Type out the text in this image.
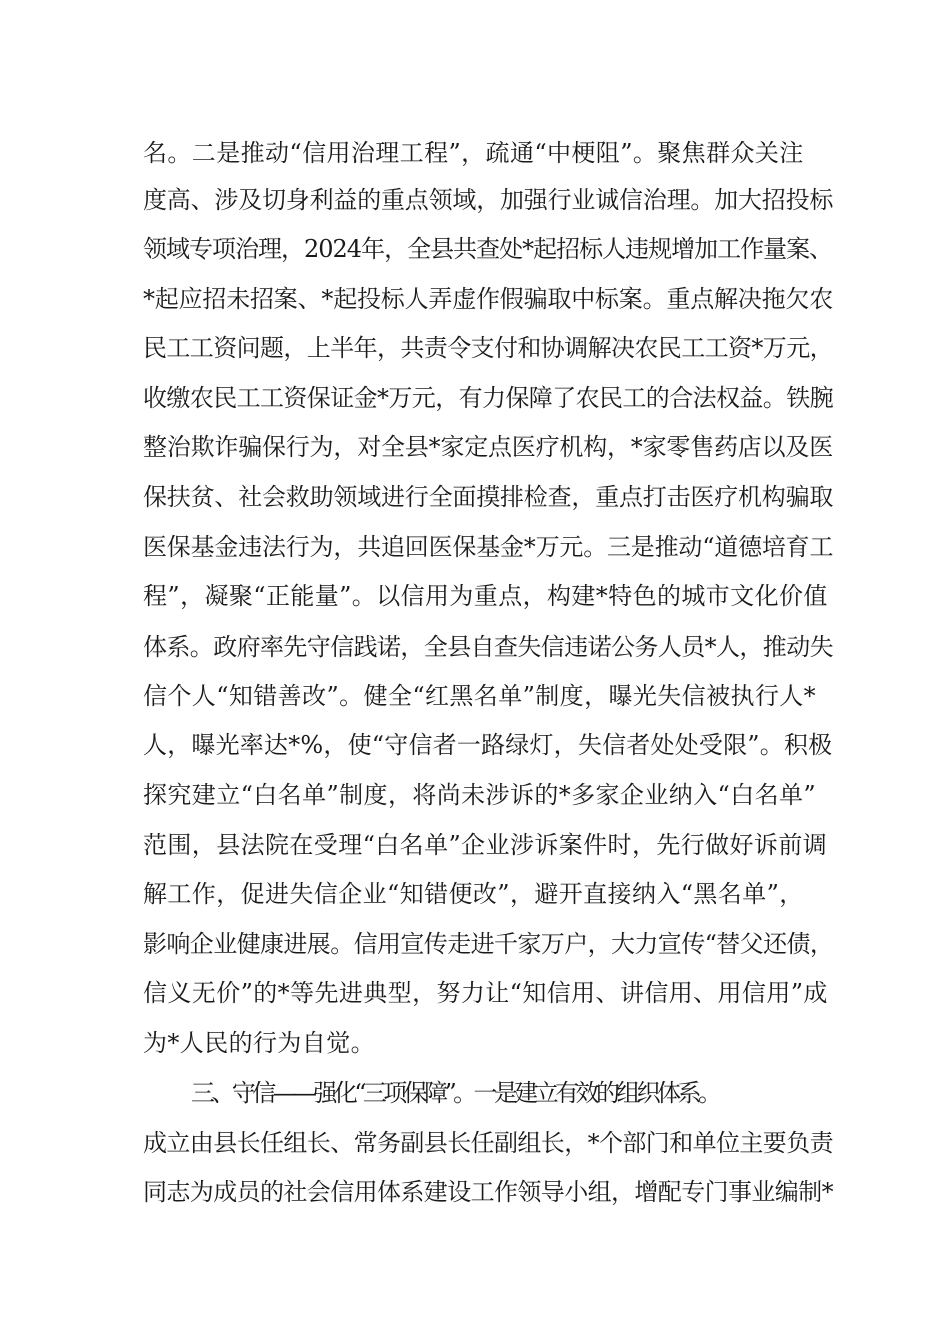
名。二是推动“信用治理工程”，疏通“中梗阻”。聚焦群众关注
度高、涉及切身利益的重点领域，加强行业诚信治理。加大招投标
领域专项治理，2024年，全县共查处*起招标人违规增加工作量案、
*起应招未招案、*起投标人弄虚作假骗取中标案。重点解决拖欠农
民工工资问题，上半年，共责令支付和协调解决农民工工资*万元，
收缴农民工工资保证金*万元，有力保障了农民工的合法权益。铁腕
整治欺诈骗保行为，对全县*家定点医疗机构，*家零售药店以及医
保扶贫、社会救助领域进行全面摸排检查，重点打击医疗机构骗取
医保基金违法行为，共追回医保基金*万元。三是推动“道德培育工
程”，凝聚“正能量”。以信用为重点，构建*特色的城市文化价值
体系。政府率先守信践诺，全县自查失信违诺公务人员*人，推动失
信个人“知错善改”。健全“红黑名单”制度，曝光失信被执行人*
人，曝光率达*%，使“守信者一路绿灯，失信者处处受限”。积极
探究建立“白名单”制度，将尚未涉诉的*多家企业纳入“白名单”
范围，县法院在受理“白名单”企业涉诉案件时，先行做好诉前调
解工作，促进失信企业“知错便改”，避开直接纳入“黑名单”，
影响企业健康进展。信用宣传走进千家万户，大力宣传“替父还债，
信义无价”的*等先进典型，努力让“知信用、讲信用、用信用”成
为*人民的行为自觉。
三、守信——强化“三项保障”。一是建立有效的组织体系。
成立由县长任组长、常务副县长任副组长，*个部门和单位主要负责
同志为成员的社会信用体系建设工作领导小组，增配专门事业编制*
